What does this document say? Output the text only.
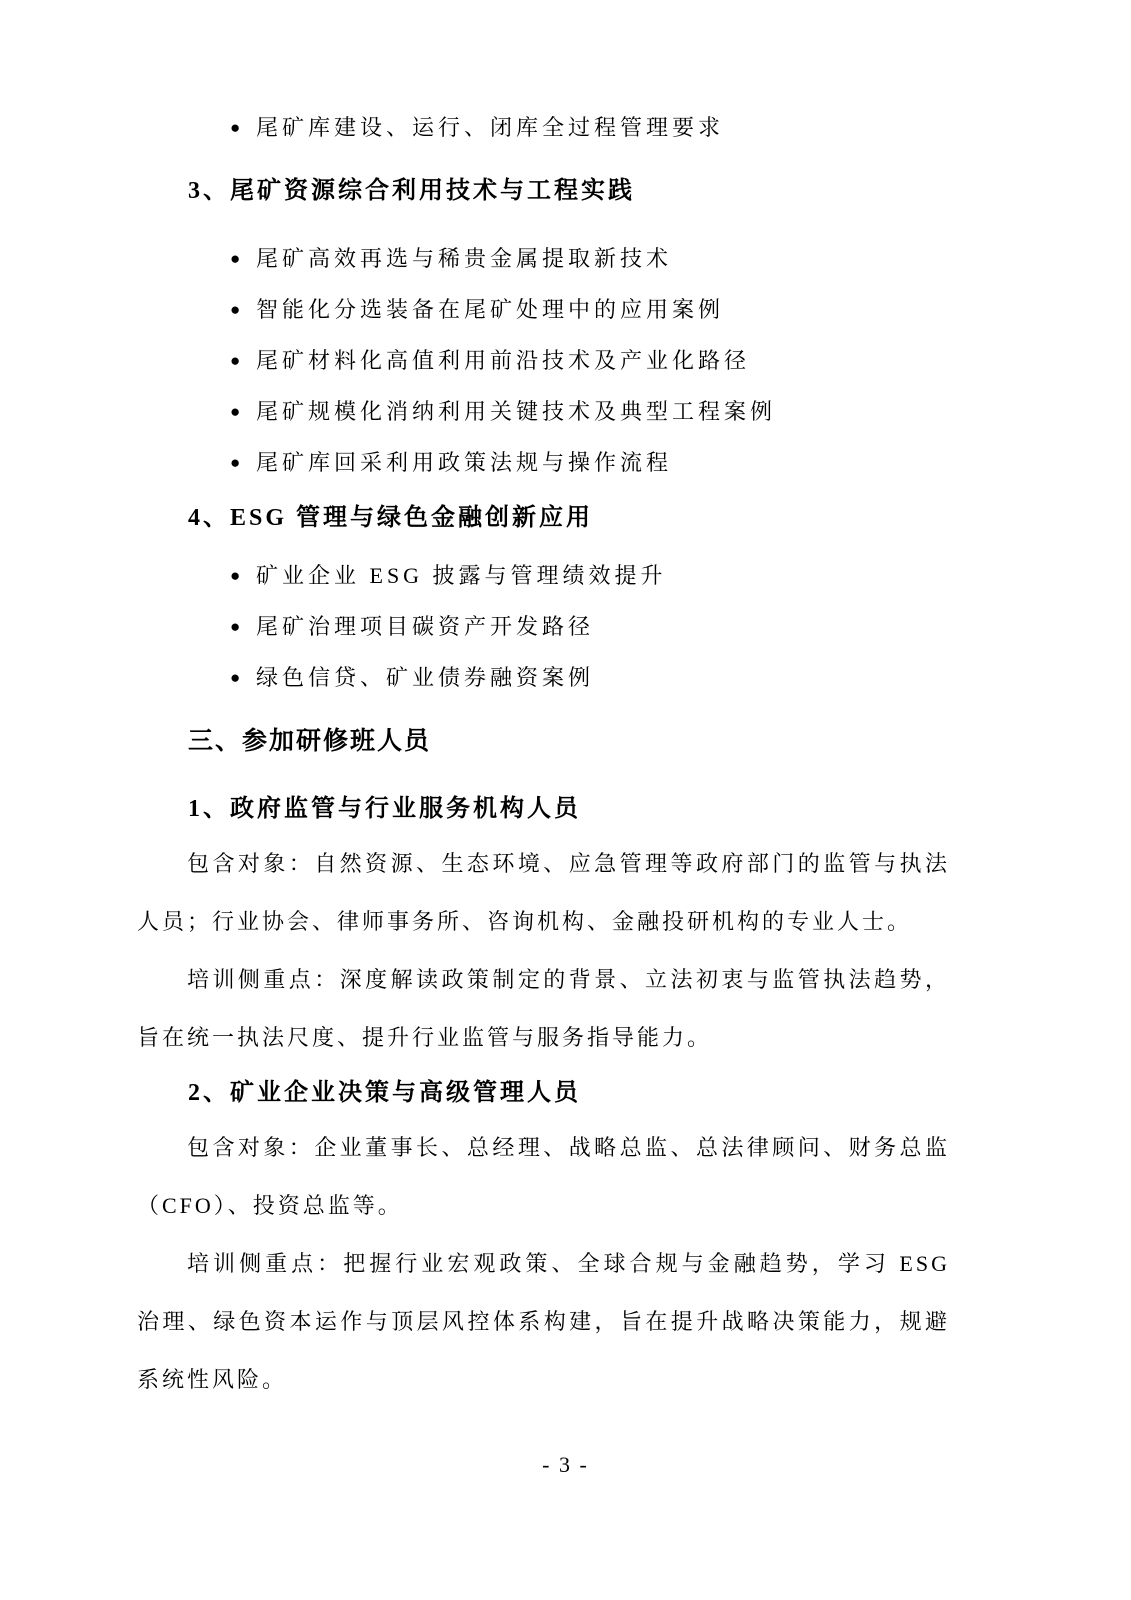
● 尾矿库建设、运行、闭库全过程管理要求

3、尾矿资源综合利用技术与工程实践

● 尾矿高效再选与稀贵金属提取新技术
● 智能化分选装备在尾矿处理中的应用案例
● 尾矿材料化高值利用前沿技术及产业化路径
● 尾矿规模化消纳利用关键技术及典型工程案例
● 尾矿库回采利用政策法规与操作流程

4、ESG 管理与绿色金融创新应用

● 矿业企业 ESG 披露与管理绩效提升
● 尾矿治理项目碳资产开发路径
● 绿色信贷、矿业债券融资案例

三、参加研修班人员

1、政府监管与行业服务机构人员

包含对象：自然资源、生态环境、应急管理等政府部门的监管与执法人员；行业协会、律师事务所、咨询机构、金融投研机构的专业人士。

培训侧重点：深度解读政策制定的背景、立法初衷与监管执法趋势，旨在统一执法尺度、提升行业监管与服务指导能力。

2、矿业企业决策与高级管理人员

包含对象：企业董事长、总经理、战略总监、总法律顾问、财务总监（CFO）、投资总监等。

培训侧重点：把握行业宏观政策、全球合规与金融趋势，学习 ESG 治理、绿色资本运作与顶层风控体系构建，旨在提升战略决策能力，规避系统性风险。

- 3 -
